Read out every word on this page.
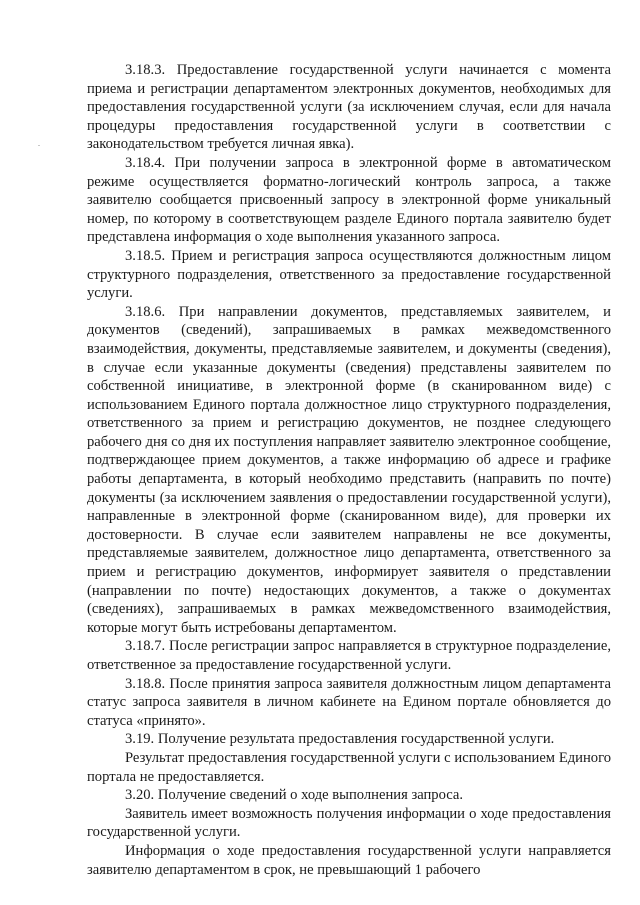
3.18.3. Предоставление государственной услуги начинается с момента приема и регистрации департаментом электронных документов, необходимых для предоставления государственной услуги (за исключением случая, если для начала процедуры предоставления государственной услуги в соответствии с законодательством требуется личная явка).

3.18.4. При получении запроса в электронной форме в автоматическом режиме осуществляется форматно-логический контроль запроса, а также заявителю сообщается присвоенный запросу в электронной форме уникальный номер, по которому в соответствующем разделе Единого портала заявителю будет представлена информация о ходе выполнения указанного запроса.

3.18.5. Прием и регистрация запроса осуществляются должностным лицом структурного подразделения, ответственного за предоставление государственной услуги.

3.18.6. При направлении документов, представляемых заявителем, и документов (сведений), запрашиваемых в рамках межведомственного взаимодействия, документы, представляемые заявителем, и документы (сведения), в случае если указанные документы (сведения) представлены заявителем по собственной инициативе, в электронной форме (в сканированном виде) с использованием Единого портала должностное лицо структурного подразделения, ответственного за прием и регистрацию документов, не позднее следующего рабочего дня со дня их поступления направляет заявителю электронное сообщение, подтверждающее прием документов, а также информацию об адресе и графике работы департамента, в который необходимо представить (направить по почте) документы (за исключением заявления о предоставлении государственной услуги), направленные в электронной форме (сканированном виде), для проверки их достоверности. В случае если заявителем направлены не все документы, представляемые заявителем, должностное лицо департамента, ответственного за прием и регистрацию документов, информирует заявителя о представлении (направлении по почте) недостающих документов, а также о документах (сведениях), запрашиваемых в рамках межведомственного взаимодействия, которые могут быть истребованы департаментом.

3.18.7. После регистрации запрос направляется в структурное подразделение, ответственное за предоставление государственной услуги.

3.18.8. После принятия запроса заявителя должностным лицом департамента статус запроса заявителя в личном кабинете на Едином портале обновляется до статуса «принято».

3.19. Получение результата предоставления государственной услуги.

Результат предоставления государственной услуги с использованием Единого портала не предоставляется.

3.20. Получение сведений о ходе выполнения запроса.

Заявитель имеет возможность получения информации о ходе предоставления государственной услуги.

Информация о ходе предоставления государственной услуги направляется заявителю департаментом в срок, не превышающий 1 рабочего
